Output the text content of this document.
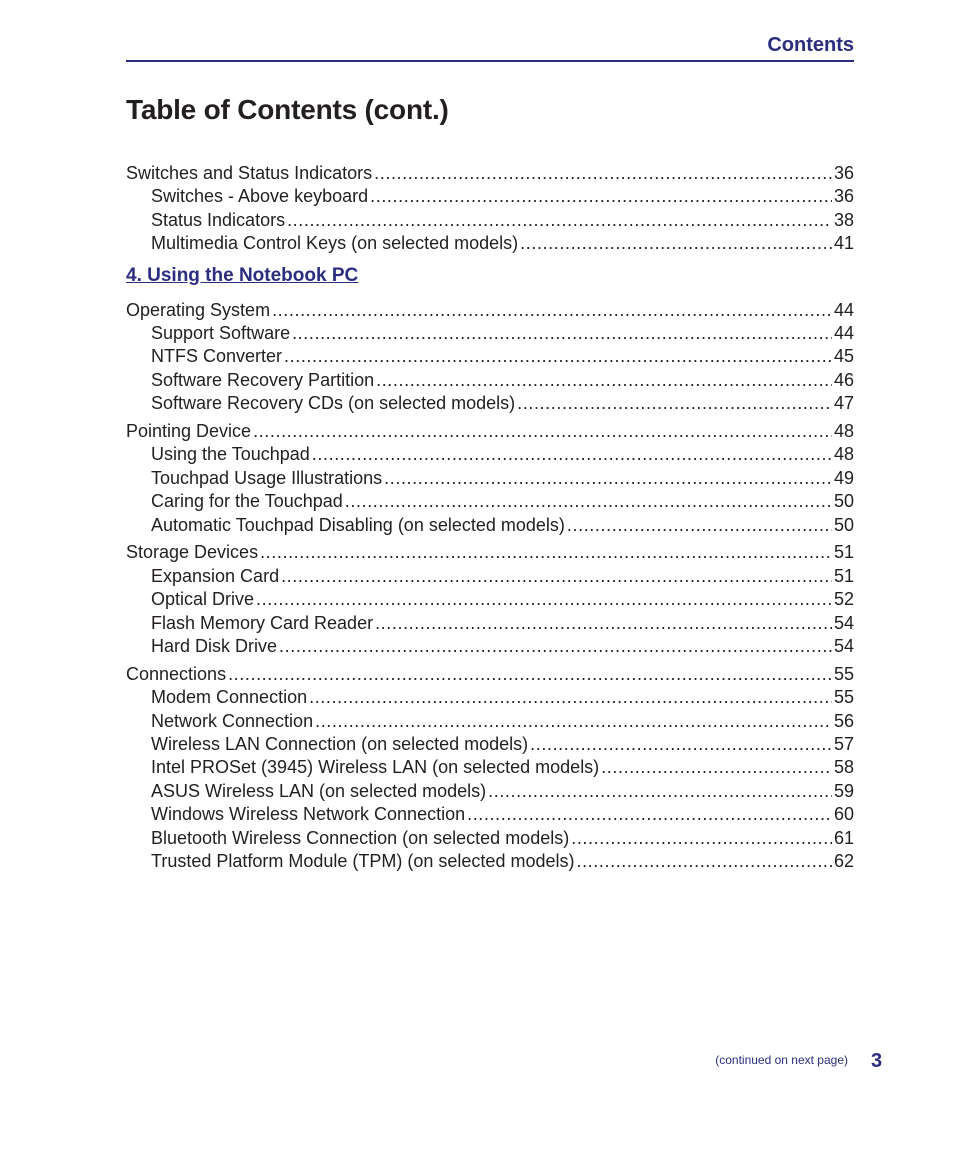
Contents
Table of Contents (cont.)
Switches and Status Indicators .....	36
Switches - Above keyboard .....	36
Status Indicators .....	38
Multimedia Control Keys (on selected models) .....	41
4. Using the Notebook PC
Operating System .....	44
Support Software .....	44
NTFS Converter .....	45
Software Recovery Partition .....	46
Software Recovery CDs (on selected models) .....	47
Pointing Device .....	48
Using the Touchpad .....	48
Touchpad Usage Illustrations .....	49
Caring for the Touchpad .....	50
Automatic Touchpad Disabling (on selected models) .....	50
Storage Devices .....	51
Expansion Card .....	51
Optical Drive .....	52
Flash Memory Card Reader .....	54
Hard Disk Drive .....	54
Connections .....	55
Modem Connection .....	55
Network Connection .....	56
Wireless LAN Connection (on selected models) .....	57
Intel PROSet (3945) Wireless LAN (on selected models) .....	58
ASUS Wireless LAN (on selected models) .....	59
Windows Wireless Network Connection .....	60
Bluetooth Wireless Connection (on selected models) .....	61
Trusted Platform Module (TPM) (on selected models) .....	62
(continued on next page) 3
